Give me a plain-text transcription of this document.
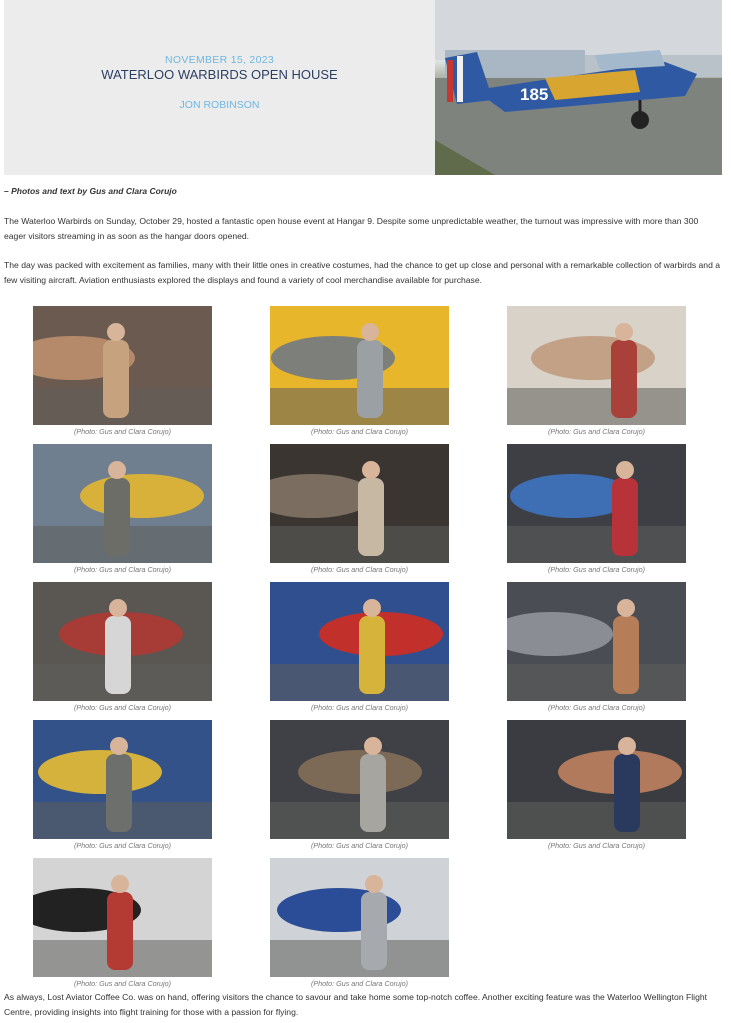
NOVEMBER 15, 2023
WATERLOO WARBIRDS OPEN HOUSE
JON ROBINSON
185
– Photos and text by Gus and Clara Corujo

The Waterloo Warbirds on Sunday, October 29, hosted a fantastic open house event at Hangar 9. Despite some unpredictable weather, the turnout was impressive with more than 300 eager visitors streaming in as soon as the hangar doors opened.

The day was packed with excitement as families, many with their little ones in creative costumes, had the chance to get up close and personal with a remarkable collection of warbirds and a few visiting aircraft. Aviation enthusiasts explored the displays and found a variety of cool merchandise available for purchase.

(Photo: Gus and Clara Corujo)	(Photo: Gus and Clara Corujo)	(Photo: Gus and Clara Corujo)
(Photo: Gus and Clara Corujo)	(Photo: Gus and Clara Corujo)	(Photo: Gus and Clara Corujo)
(Photo: Gus and Clara Corujo)	(Photo: Gus and Clara Corujo)	(Photo: Gus and Clara Corujo)
(Photo: Gus and Clara Corujo)	(Photo: Gus and Clara Corujo)	(Photo: Gus and Clara Corujo)
(Photo: Gus and Clara Corujo)	(Photo: Gus and Clara Corujo)

As always, Lost Aviator Coffee Co. was on hand, offering visitors the chance to savour and take home some top-notch coffee. Another exciting feature was the Waterloo Wellington Flight Centre, providing insights into flight training for those with a passion for flying.
